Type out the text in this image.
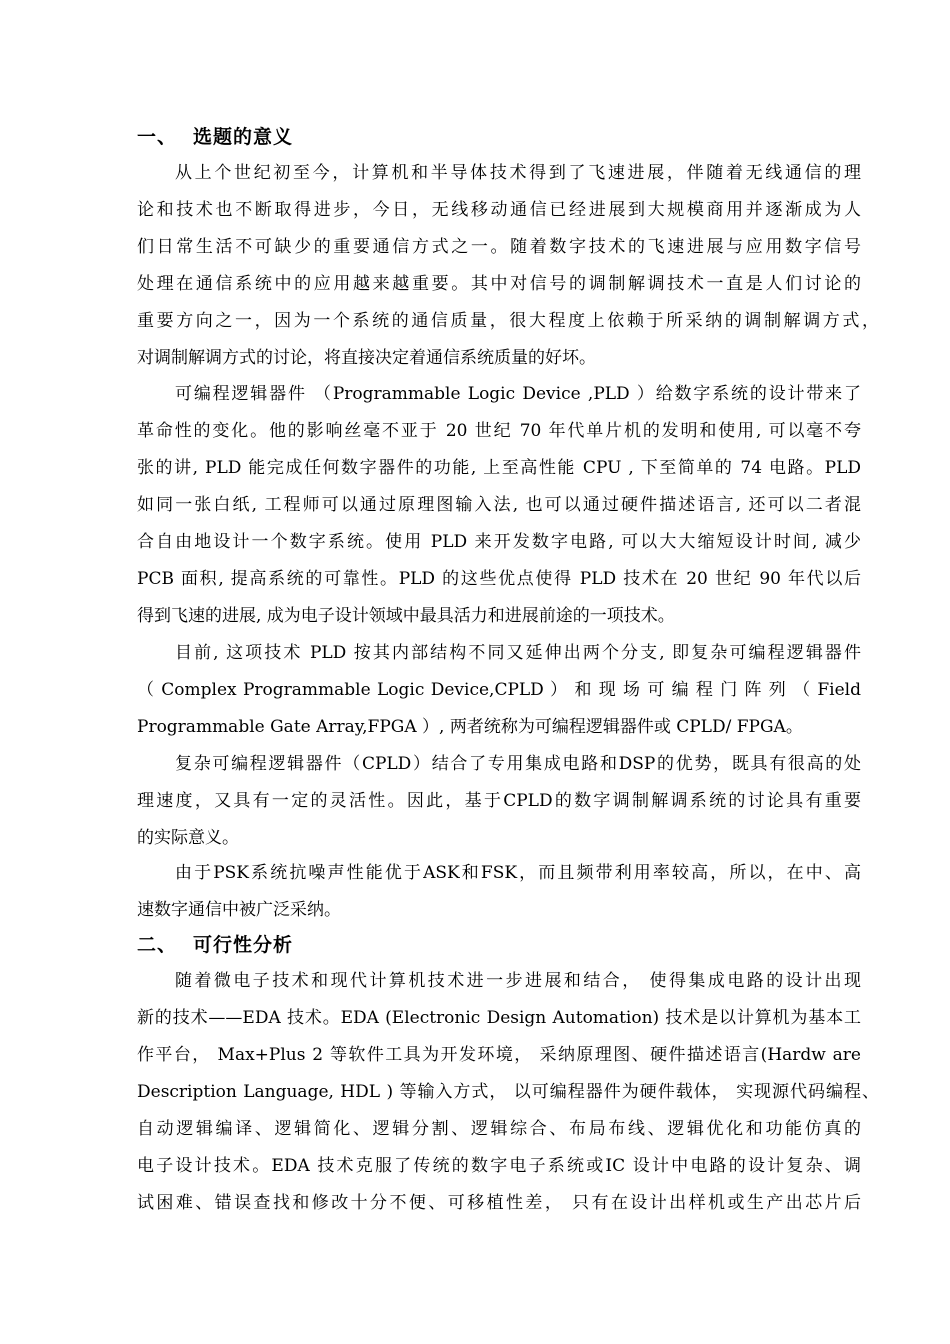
一、 选题的意义
从上个世纪初至今，计算机和半导体技术得到了飞速进展，伴随着无线通信的理
论和技术也不断取得进步，今日，无线移动通信已经进展到大规模商用并逐渐成为人
们日常生活不可缺少的重要通信方式之一。随着数字技术的飞速进展与应用数字信号
处理在通信系统中的应用越来越重要。其中对信号的调制解调技术一直是人们讨论的
重要方向之一，因为一个系统的通信质量，很大程度上依赖于所采纳的调制解调方式，
对调制解调方式的讨论，将直接决定着通信系统质量的好坏。
可编程逻辑器件 （Programmable Logic Device ,PLD ）给数字系统的设计带来了
革命性的变化。他的影响丝毫不亚于 20 世纪 70 年代单片机的发明和使用, 可以毫不夸
张的讲, PLD 能完成任何数字器件的功能, 上至高性能 CPU , 下至简单的 74 电路。PLD
如同一张白纸, 工程师可以通过原理图输入法, 也可以通过硬件描述语言, 还可以二者混
合自由地设计一个数字系统。使用 PLD 来开发数字电路, 可以大大缩短设计时间, 减少
PCB 面积, 提高系统的可靠性。PLD 的这些优点使得 PLD 技术在 20 世纪 90 年代以后
得到飞速的进展, 成为电子设计领域中最具活力和进展前途的一项技术。
目前, 这项技术 PLD 按其内部结构不同又延伸出两个分支, 即复杂可编程逻辑器件
（ Complex Programmable Logic Device,CPLD ） 和 现 场 可 编 程 门 阵 列 （ Field
Programmable Gate Array,FPGA ）, 两者统称为可编程逻辑器件或 CPLD/ FPGA。
复杂可编程逻辑器件（CPLD）结合了专用集成电路和DSP的优势，既具有很高的处
理速度，又具有一定的灵活性。因此，基于CPLD的数字调制解调系统的讨论具有重要
的实际意义。
由于PSK系统抗噪声性能优于ASK和FSK，而且频带利用率较高，所以，在中、高
速数字通信中被广泛采纳。
二、 可行性分析
随着微电子技术和现代计算机技术进一步进展和结合， 使得集成电路的设计出现
新的技术——EDA 技术。EDA (Electronic Design Automation) 技术是以计算机为基本工
作平台， Max+Plus 2 等软件工具为开发环境， 采纳原理图、硬件描述语言(Hardw are
Description Language, HDL ) 等输入方式， 以可编程器件为硬件载体， 实现源代码编程、
自动逻辑编译、逻辑简化、逻辑分割、逻辑综合、布局布线、逻辑优化和功能仿真的
电子设计技术。EDA 技术克服了传统的数字电子系统或IC 设计中电路的设计复杂、调
试困难、错误查找和修改十分不便、可移植性差， 只有在设计出样机或生产出芯片后
